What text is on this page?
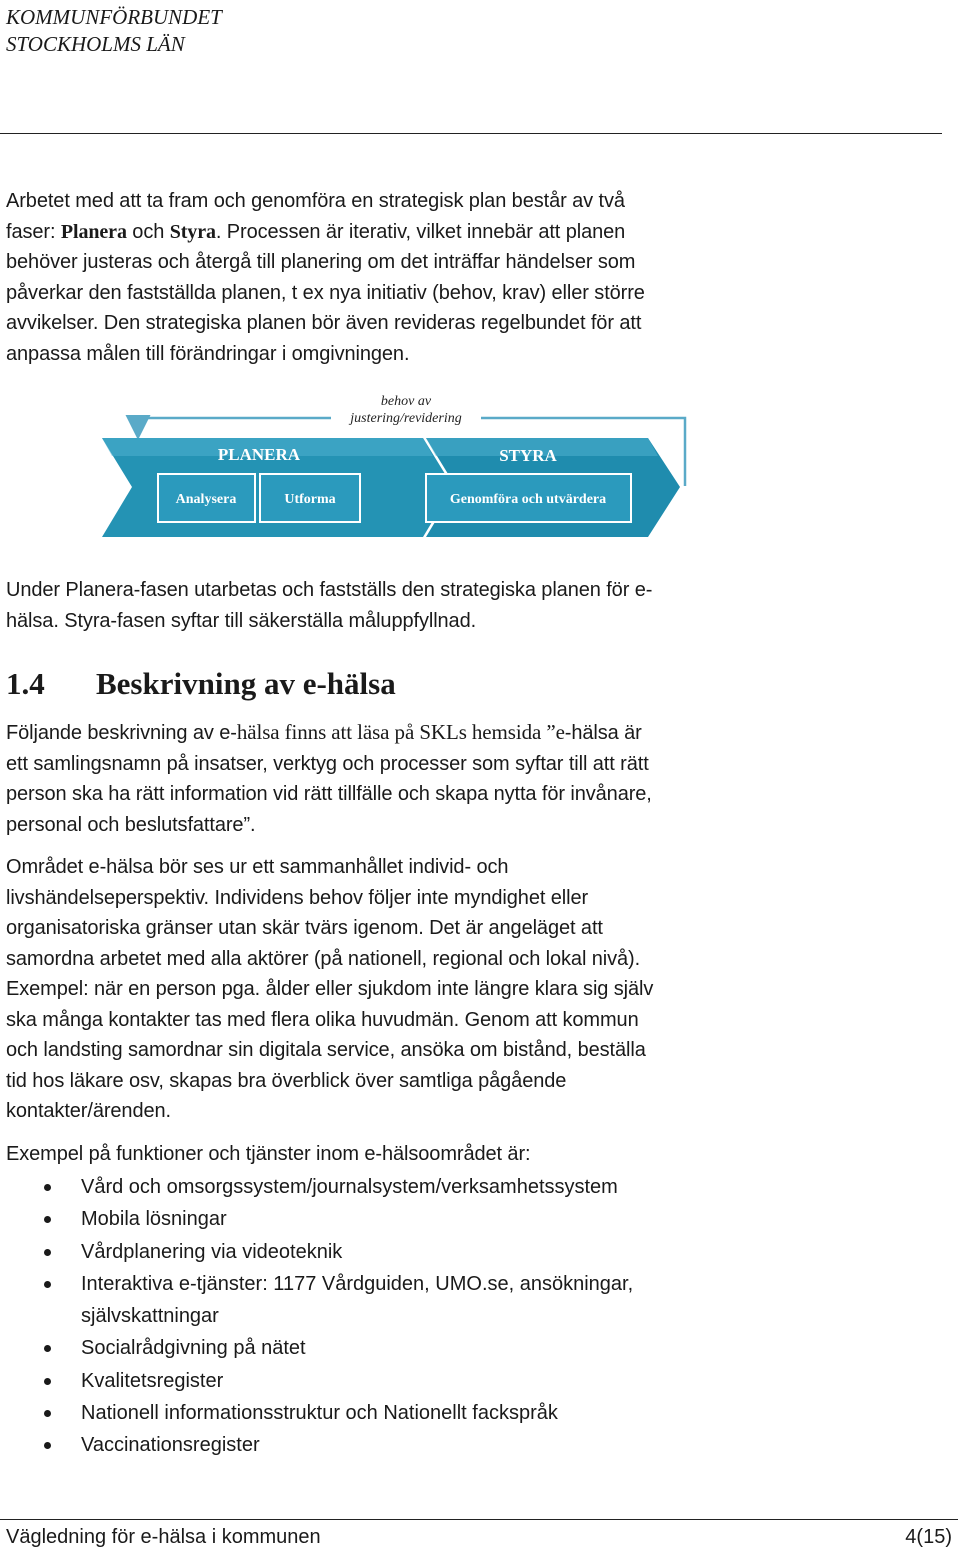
KOMMUNFÖRBUNDET
STOCKHOLMS LÄN
Arbetet med att ta fram och genomföra en strategisk plan består av två
faser: Planera och Styra. Processen är iterativ, vilket innebär att planen
behöver justeras och återgå till planering om det inträffar händelser som
påverkar den fastställda planen, t ex nya initiativ (behov, krav) eller större
avvikelser. Den strategiska planen bör även revideras regelbundet för att
anpassa målen till förändringar i omgivningen.
behov av
justering/revidering
PLANERA	STYRA
Analysera	Utforma	Genomföra och utvärdera
Under Planera-fasen utarbetas och fastställs den strategiska planen för e-
hälsa. Styra-fasen syftar till säkerställa måluppfyllnad.
1.4 Beskrivning av e-hälsa
Följande beskrivning av e-hälsa finns att läsa på SKLs hemsida ”e-hälsa är
ett samlingsnamn på insatser, verktyg och processer som syftar till att rätt
person ska ha rätt information vid rätt tillfälle och skapa nytta för invånare,
personal och beslutsfattare”.
Området e-hälsa bör ses ur ett sammanhållet individ- och
livshändelseperspektiv. Individens behov följer inte myndighet eller
organisatoriska gränser utan skär tvärs igenom. Det är angeläget att
samordna arbetet med alla aktörer (på nationell, regional och lokal nivå).
Exempel: när en person pga. ålder eller sjukdom inte längre klara sig själv
ska många kontakter tas med flera olika huvudmän. Genom att kommun
och landsting samordnar sin digitala service, ansöka om bistånd, beställa
tid hos läkare osv, skapas bra överblick över samtliga pågående
kontakter/ärenden.
Exempel på funktioner och tjänster inom e-hälsoområdet är:
Vård och omsorgssystem/journalsystem/verksamhetssystem
Mobila lösningar
Vårdplanering via videoteknik
Interaktiva e-tjänster: 1177 Vårdguiden, UMO.se, ansökningar,
självskattningar
Socialrådgivning på nätet
Kvalitetsregister
Nationell informationsstruktur och Nationellt fackspråk
Vaccinationsregister
Vägledning för e-hälsa i kommunen	4(15)
